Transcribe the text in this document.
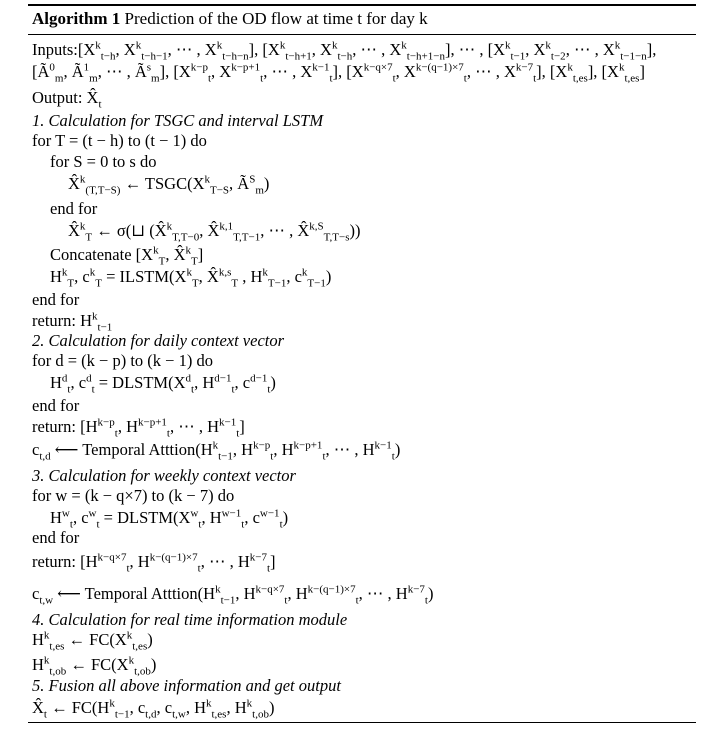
Algorithm 1 Prediction of the OD flow at time t for day k
$Inputs:[X^k_{t-h}$, $X^k_{t-h-1}$, ⋯ , $X^k_{t-h-n}$], [$X^k_{t-h+1}$, $X^k_{t-h}$, ⋯ , $X^k_{t-h+1-n}$], ⋯ , [$X^k_{t-1}$, $X^k_{t-2}$, ⋯ , $X^k_{t-1-n}$],
[$Ã^0_m$, $Ã^1_m$, ⋯ , $Ã^s_m$], [$X^{k-p}_t$, $X^{k-p+1}_t$, ⋯ , $X^{k-1}_t$], [$X^{k-q\times 7}_t$, $X^{k-(q-1)\times 7}_t$, ⋯ , $X^{k-7}_t$], $[X^k_{t,es}]$, $[X^k_{t,es}]$
Output: $X̂_t$
1. Calculation for TSGC and interval LSTM
for T = (t − h) to (t − 1) do
for S = 0 to s do
X̂$^k_{(T,T-S)}$ ← $TSGC(X^k_{T-S}$, $Ã^S_m$)
end for
X̂$^k_T$ ← σ(⊔ (X̂$^k_{T,T-0}$, X̂$^{k,1}_{T,T-1}$, ⋯ , X̂$^{k,S}_{T,T-s}$))
Concatenate [$X^k_T$, X̂$^k_T$]
$H^k_T$, $c^k_T$ = $ILSTM(X^k_T$, X̂$^{k,s}_T$ , $H^k_{T-1}$, $c^k_{T-1}$)
end for
return: $H^k_{t-1}$
2. Calculation for daily context vector
for d = (k − p) to (k − 1) do
$H^d_t$, $c^d_t$ = $DLSTM(X^d_t$, $H^{d-1}_t$, $c^{d-1}_t$)
end for
return: [$H^{k-p}_t$, $H^{k-p+1}_t$, ⋯ , $H^{k-1}_t$]
$c_{t,d}$ ⟵ Temporal $Atttion(H^k_{t-1}$, $H^{k-p}_t$, $H^{k-p+1}_t$, ⋯ , $H^{k-1}_t$)
3. Calculation for weekly context vector
for w = (k − q×7) to (k − 7) do
$H^w_t$, $c^w_t$ = $DLSTM(X^w_t$, $H^{w-1}_t$, $c^{w-1}_t$)
end for
return: [$H^{k-q\times 7}_t$, $H^{k-(q-1)\times 7}_t$, ⋯ , $H^{k-7}_t$]
$c_{t,w}$ ⟵ Temporal $Atttion(H^k_{t-1}$, $H^{k-q\times 7}_t$, $H^{k-(q-1)\times 7}_t$, ⋯ , $H^{k-7}_t$)
4. Calculation for real time information module
$H^k_{t,es}$ ← $FC(X^k_{t,es})$
$H^k_{t,ob}$ ← $FC(X^k_{t,ob})$
5. Fusion all above information and get output
$X̂_t$ ← $FC(H^k_{t-1}$, $c_{t,d}$, $c_{t,w}$, $H^k_{t,es}$, $H^k_{t,ob}$)
